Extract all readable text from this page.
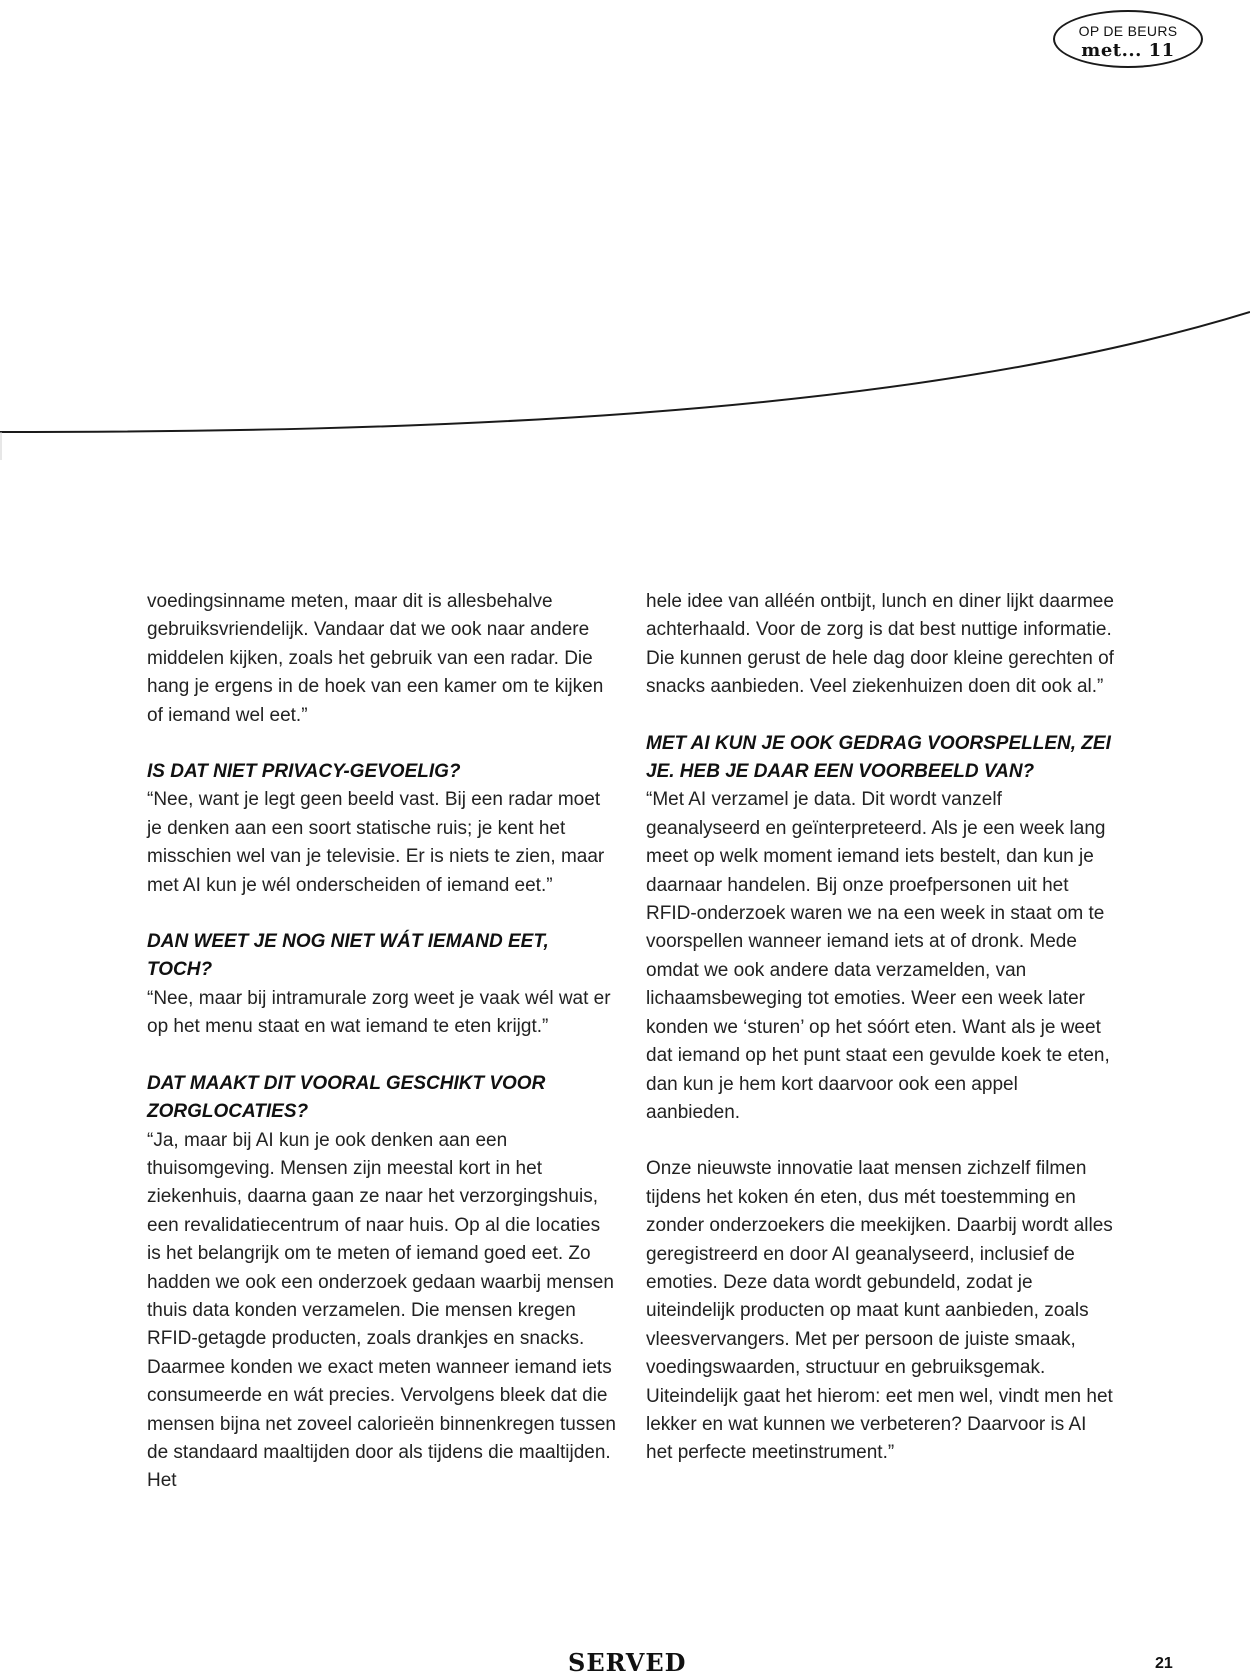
OP DE BEURS
met... 11

voedingsinname meten, maar dit is allesbehalve gebruiksvriendelijk. Vandaar dat we ook naar andere middelen kijken, zoals het gebruik van een radar. Die hang je ergens in de hoek van een kamer om te kijken of iemand wel eet.”

IS DAT NIET PRIVACY-GEVOELIG?

“Nee, want je legt geen beeld vast. Bij een radar moet je denken aan een soort statische ruis; je kent het misschien wel van je televisie. Er is niets te zien, maar met AI kun je wél onderscheiden of iemand eet.”

DAN WEET JE NOG NIET WÁT IEMAND EET, TOCH?

“Nee, maar bij intramurale zorg weet je vaak wél wat er op het menu staat en wat iemand te eten krijgt.”

DAT MAAKT DIT VOORAL GESCHIKT VOOR ZORGLOCATIES?

“Ja, maar bij AI kun je ook denken aan een thuisomgeving. Mensen zijn meestal kort in het ziekenhuis, daarna gaan ze naar het verzorgingshuis, een revalidatiecentrum of naar huis. Op al die locaties is het belangrijk om te meten of iemand goed eet. Zo hadden we ook een onderzoek gedaan waarbij mensen thuis data konden verzamelen. Die mensen kregen RFID-getagde producten, zoals drankjes en snacks. Daarmee konden we exact meten wanneer iemand iets consumeerde en wát precies. Vervolgens bleek dat die mensen bijna net zoveel calorieën binnenkregen tussen de standaard maaltijden door als tijdens die maaltijden. Het

hele idee van alléén ontbijt, lunch en diner lijkt daarmee achterhaald. Voor de zorg is dat best nuttige informatie. Die kunnen gerust de hele dag door kleine gerechten of snacks aanbieden. Veel ziekenhuizen doen dit ook al.”

MET AI KUN JE OOK GEDRAG VOORSPELLEN, ZEI JE. HEB JE DAAR EEN VOORBEELD VAN?

“Met AI verzamel je data. Dit wordt vanzelf geanalyseerd en geïnterpreteerd. Als je een week lang meet op welk moment iemand iets bestelt, dan kun je daarnaar handelen. Bij onze proefpersonen uit het RFID-onderzoek waren we na een week in staat om te voorspellen wanneer iemand iets at of dronk. Mede omdat we ook andere data verzamelden, van lichaamsbeweging tot emoties. Weer een week later konden we ‘sturen’ op het sóórt eten. Want als je weet dat iemand op het punt staat een gevulde koek te eten, dan kun je hem kort daarvoor ook een appel aanbieden.

Onze nieuwste innovatie laat mensen zichzelf filmen tijdens het koken én eten, dus mét toestemming en zonder onderzoekers die meekijken. Daarbij wordt alles geregistreerd en door AI geanalyseerd, inclusief de emoties. Deze data wordt gebundeld, zodat je uiteindelijk producten op maat kunt aanbieden, zoals vleesvervangers. Met per persoon de juiste smaak, voedingswaarden, structuur en gebruiksgemak. Uiteindelijk gaat het hierom: eet men wel, vindt men het lekker en wat kunnen we verbeteren? Daarvoor is AI het perfecte meetinstrument.”

SERVED	21
